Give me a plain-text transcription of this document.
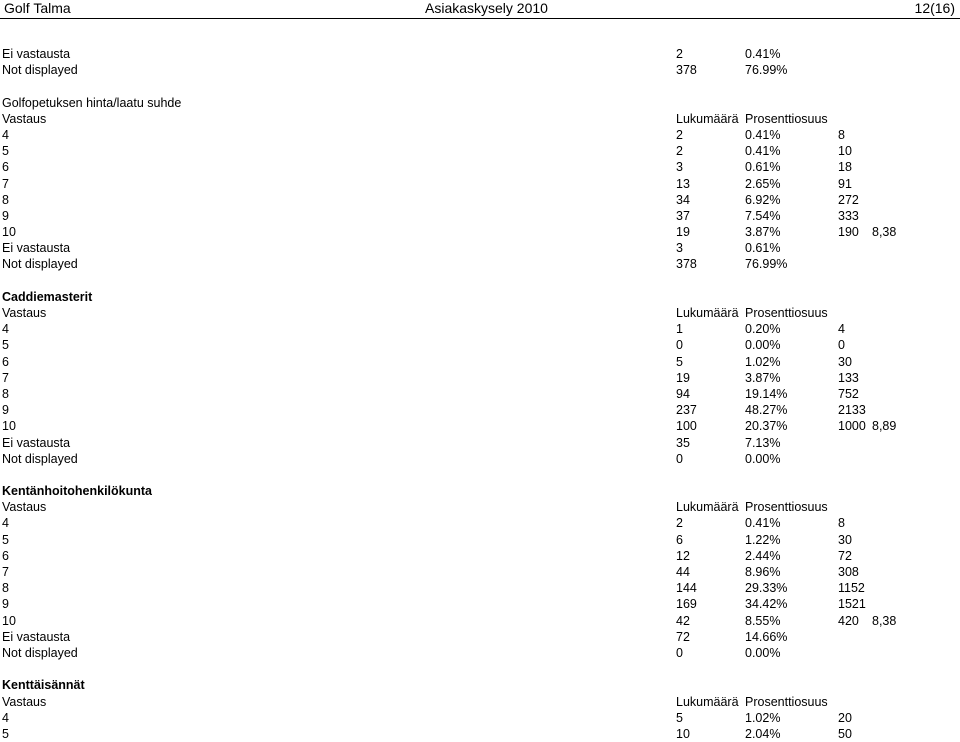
Golf Talma	Asiakaskysely 2010	12(16)
Ei vastausta	2	0.41%
Not displayed	378	76.99%
Golfopetuksen hinta/laatu suhde
Vastaus	Lukumäärä Prosenttiosuus
4	2	0.41%	8
5	2	0.41%	10
6	3	0.61%	18
7	13	2.65%	91
8	34	6.92%	272
9	37	7.54%	333
10	19	3.87%	190 8,38
Ei vastausta	3	0.61%
Not displayed	378	76.99%
Caddiemasterit
Vastaus	Lukumäärä Prosenttiosuus
4	1	0.20%	4
5	0	0.00%	0
6	5	1.02%	30
7	19	3.87%	133
8	94	19.14%	752
9	237	48.27%	2133
10	100	20.37%	1000 8,89
Ei vastausta	35	7.13%
Not displayed	0	0.00%
Kentänhoitohenkilökunta
Vastaus	Lukumäärä Prosenttiosuus
4	2	0.41%	8
5	6	1.22%	30
6	12	2.44%	72
7	44	8.96%	308
8	144	29.33%	1152
9	169	34.42%	1521
10	42	8.55%	420 8,38
Ei vastausta	72	14.66%
Not displayed	0	0.00%
Kenttäisännät
Vastaus	Lukumäärä Prosenttiosuus
4	5	1.02%	20
5	10	2.04%	50
